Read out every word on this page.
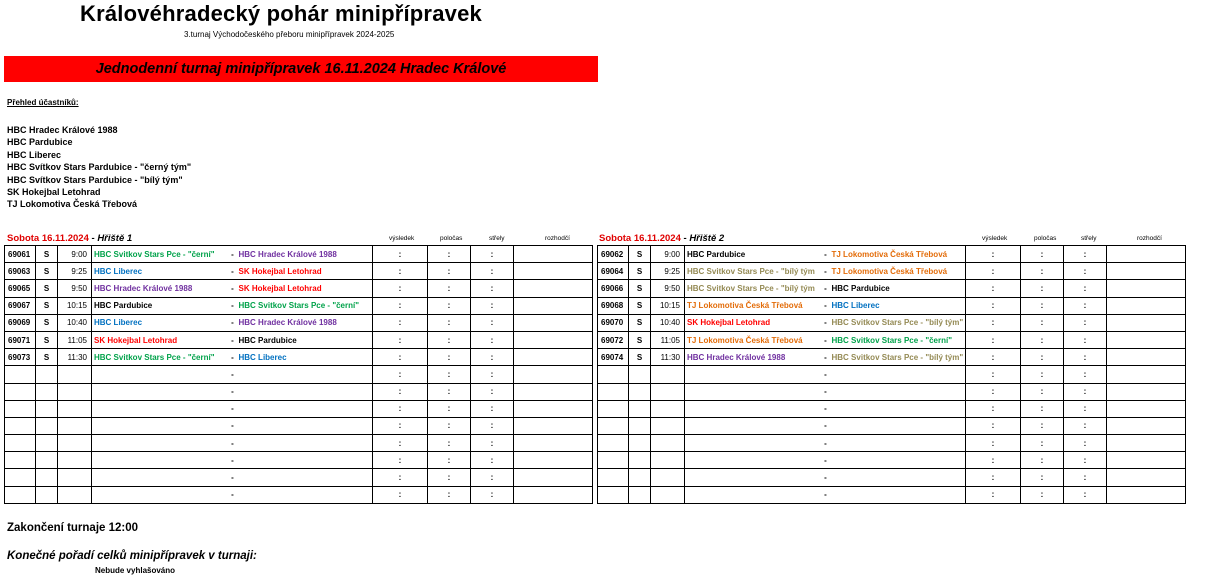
Královéhradecký pohár minipřípravek
3.turnaj Východočeského přeboru minipřípravek 2024-2025
Jednodenní turnaj minipřípravek 16.11.2024 Hradec Králové
Přehled účastníků:
HBC Hradec Králové 1988
HBC Pardubice
HBC Liberec
HBC Svítkov Stars Pardubice - "černý tým"
HBC Svítkov Stars Pardubice - "bílý tým"
SK Hokejbal Letohrad
TJ Lokomotiva Česká Třebová
Sobota 16.11.2024 - Hřiště 1	výsledek	poločas	střely	rozhodčí	Sobota 16.11.2024 - Hřiště 2	výsledek	poločas	střely	rozhodčí
69061	S	9:00	HBC Svitkov Stars Pce - "černí"	-	HBC Hradec Králové 1988	:	:	:	
69063	S	9:25	HBC Liberec	-	SK Hokejbal Letohrad	:	:	:	
69065	S	9:50	HBC Hradec Králové 1988	-	SK Hokejbal Letohrad	:	:	:	
69067	S	10:15	HBC Pardubice	-	HBC Svitkov Stars Pce - "černí"	:	:	:	
69069	S	10:40	HBC Liberec	-	HBC Hradec Králové 1988	:	:	:	
69071	S	11:05	SK Hokejbal Letohrad	-	HBC Pardubice	:	:	:	
69073	S	11:30	HBC Svitkov Stars Pce - "černí"	-	HBC Liberec	:	:	:	
				-		:	:	:	
				-		:	:	:	
				-		:	:	:	
				-		:	:	:	
				-		:	:	:	
				-		:	:	:	
				-		:	:	:	
				-		:	:	:	
69062	S	9:00	HBC Pardubice	-	TJ Lokomotiva Česká Třebová	:	:	:	
69064	S	9:25	HBC Svitkov Stars Pce - "bílý tým	-	TJ Lokomotiva Česká Třebová	:	:	:	
69066	S	9:50	HBC Svitkov Stars Pce - "bílý tým	-	HBC Pardubice	:	:	:	
69068	S	10:15	TJ Lokomotiva Česká Třebová	-	HBC Liberec	:	:	:	
69070	S	10:40	SK Hokejbal Letohrad	-	HBC Svitkov Stars Pce - "bílý tým"	:	:	:	
69072	S	11:05	TJ Lokomotiva Česká Třebová	-	HBC Svitkov Stars Pce - "černí"	:	:	:	
69074	S	11:30	HBC Hradec Králové 1988	-	HBC Svitkov Stars Pce - "bílý tým"	:	:	:	
				-		:	:	:	
				-		:	:	:	
				-		:	:	:	
				-		:	:	:	
				-		:	:	:	
				-		:	:	:	
				-		:	:	:	
				-		:	:	:	
Zakončení turnaje 12:00
Konečné pořadí celků minipřípravek v turnaji:
Nebude vyhlašováno
